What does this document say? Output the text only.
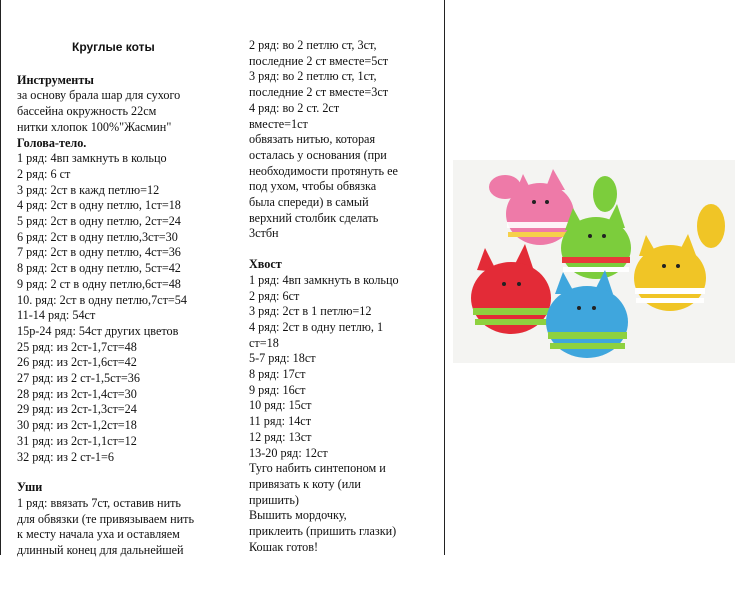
Круглые коты
Инструменты
за основу брала шар для сухого
бассейна окружность 22см
нитки хлопок 100%"Жасмин"
Голова-тело.
1 ряд: 4вп замкнуть в кольцо
2 ряд: 6 ст
3 ряд: 2ст в кажд петлю=12
4 ряд: 2ст в одну петлю, 1ст=18
5 ряд: 2ст в одну петлю, 2ст=24
6 ряд: 2ст в одну петлю,3ст=30
7 ряд: 2ст в одну петлю, 4ст=36
8 ряд: 2ст в одну петлю, 5ст=42
9 ряд: 2 ст в одну петлю,6ст=48
10. ряд: 2ст в одну петлю,7ст=54
11-14 ряд: 54ст
15р-24 ряд: 54ст других цветов
25 ряд: из 2ст-1,7ст=48
26 ряд: из 2ст-1,6ст=42
27 ряд: из 2 ст-1,5ст=36
28 ряд: из 2ст-1,4ст=30
29 ряд: из 2ст-1,3ст=24
30 ряд: из 2ст-1,2ст=18
31 ряд: из 2ст-1,1ст=12
32 ряд: из 2 ст-1=6
Уши
1 ряд: ввязать 7ст, оставив нить
для обвязки (те привязываем нить
к месту начала уха и оставляем
длинный конец для дальнейшей
2 ряд: во 2 петлю ст, 3ст,
последние 2 ст вместе=5ст
3 ряд: во 2 петлю ст, 1ст,
последние 2 ст вместе=3ст
4 ряд: во 2 ст. 2ст
вместе=1ст
обвязать нитью, которая
осталась у основания (при
необходимости протянуть ее
под ухом, чтобы обвязка
была спереди) в самый
верхний столбик сделать
3стбн
Хвост
1 ряд: 4вп замкнуть в кольцо
2 ряд: 6ст
3 ряд: 2ст в 1 петлю=12
4 ряд: 2ст в одну петлю, 1
ст=18
5-7 ряд: 18ст
8 ряд: 17ст
9 ряд: 16ст
10 ряд: 15ст
11 ряд: 14ст
12 ряд: 13ст
13-20 ряд: 12ст
Туго набить синтепоном и
привязать к коту (или
пришить)
Вышить мордочку,
приклеить (пришить глазки)
Кошак готов!
